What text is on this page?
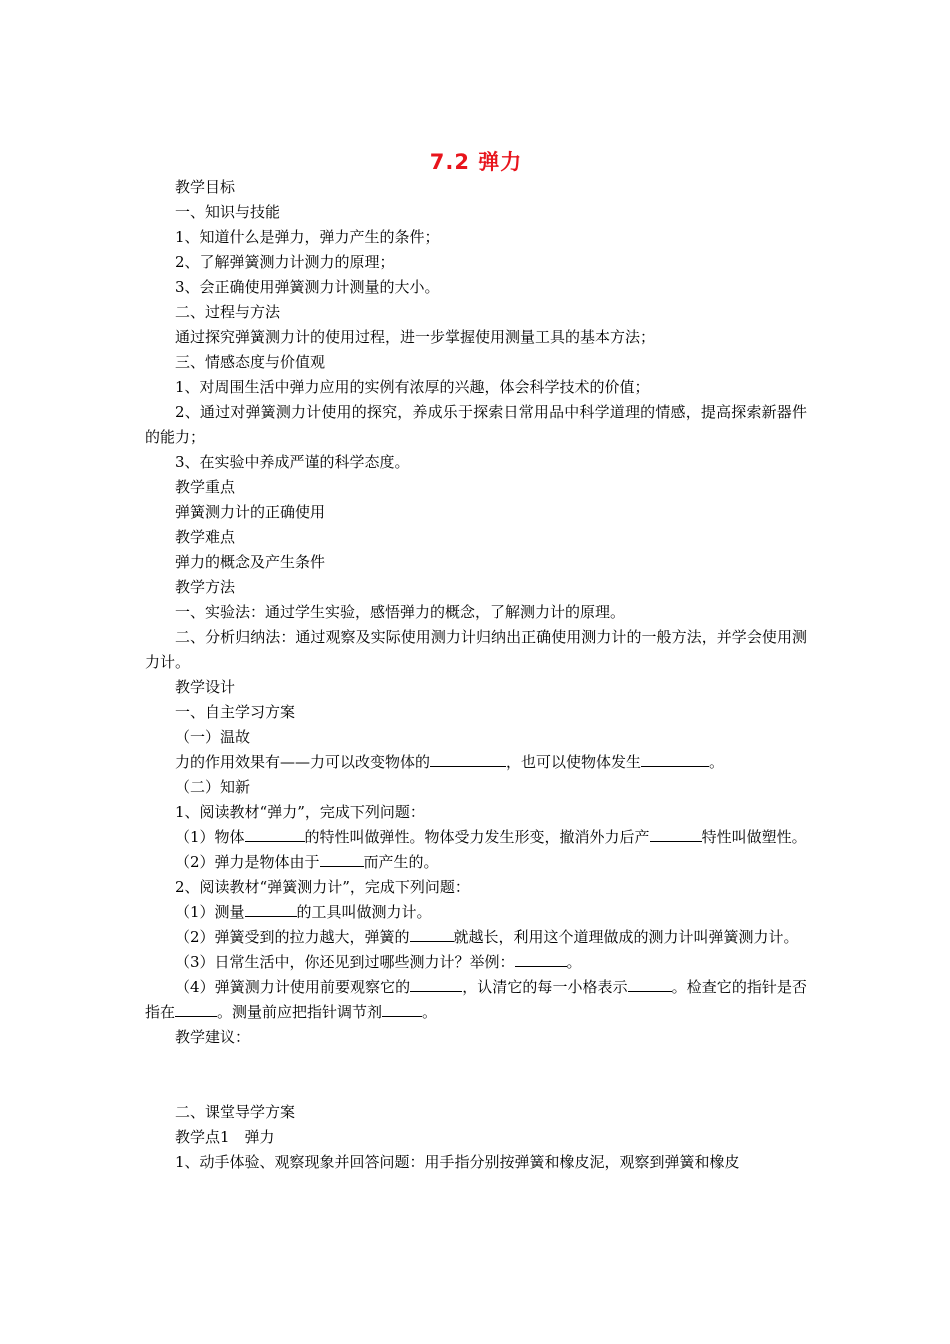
7.2 弹力

教学目标

一、知识与技能

1、知道什么是弹力，弹力产生的条件；

2、了解弹簧测力计测力的原理；

3、会正确使用弹簧测力计测量的大小。

二、过程与方法

通过探究弹簧测力计的使用过程，进一步掌握使用测量工具的基本方法；

三、情感态度与价值观

1、对周围生活中弹力应用的实例有浓厚的兴趣，体会科学技术的价值；

2、通过对弹簧测力计使用的探究，养成乐于探索日常用品中科学道理的情感，提高探索新器件的能力；

3、在实验中养成严谨的科学态度。

教学重点

弹簧测力计的正确使用

教学难点

弹力的概念及产生条件

教学方法

一、实验法：通过学生实验，感悟弹力的概念，了解测力计的原理。

二、分析归纳法：通过观察及实际使用测力计归纳出正确使用测力计的一般方法，并学会使用测力计。

教学设计

一、自主学习方案

（一）温故

力的作用效果有——力可以改变物体的	，也可以使物体发生	。

（二）知新

1、阅读教材“弹力”，完成下列问题：

（1）物体	的特性叫做弹性。物体受力发生形变，撤消外力后产	特性叫做塑性。

（2）弹力是物体由于	而产生的。

2、阅读教材“弹簧测力计”，完成下列问题：

（1）测量	的工具叫做测力计。

（2）弹簧受到的拉力越大，弹簧的	就越长，利用这个道理做成的测力计叫弹簧测力计。

（3）日常生活中，你还见到过哪些测力计？举例：	。

（4）弹簧测力计使用前要观察它的	，认清它的每一小格表示	。检查它的指针是否指在	。测量前应把指针调节剂	。

教学建议：

二、课堂导学方案

教学点1　弹力

1、动手体验、观察现象并回答问题：用手指分别按弹簧和橡皮泥，观察到弹簧和橡皮
